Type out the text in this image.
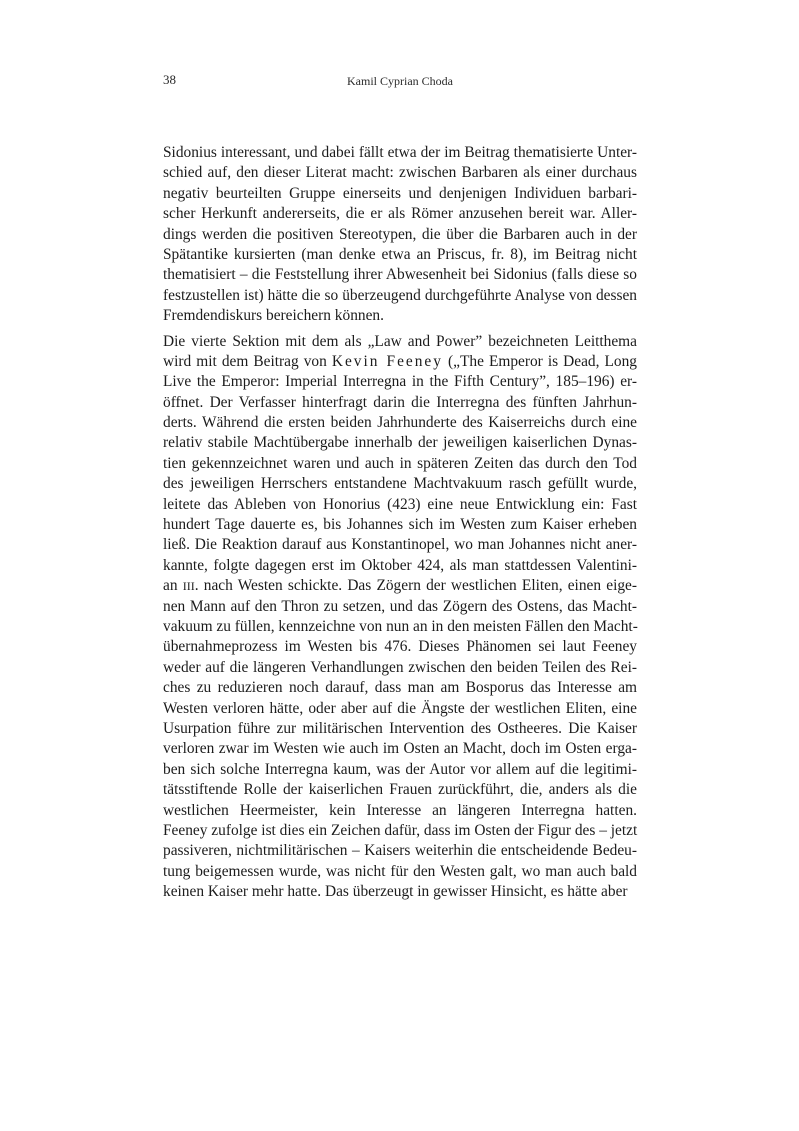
38	Kamil Cyprian Choda
Sidonius interessant, und dabei fällt etwa der im Beitrag thematisierte Unter-
schied auf, den dieser Literat macht: zwischen Barbaren als einer durchaus
negativ beurteilten Gruppe einerseits und denjenigen Individuen barbari-
scher Herkunft andererseits, die er als Römer anzusehen bereit war. Aller-
dings werden die positiven Stereotypen, die über die Barbaren auch in der
Spätantike kursierten (man denke etwa an Priscus, fr. 8), im Beitrag nicht
thematisiert – die Feststellung ihrer Abwesenheit bei Sidonius (falls diese so
festzustellen ist) hätte die so überzeugend durchgeführte Analyse von dessen
Fremdendiskurs bereichern können.
Die vierte Sektion mit dem als „Law and Power” bezeichneten Leitthema
wird mit dem Beitrag von Kevin Feeney („The Emperor is Dead, Long
Live the Emperor: Imperial Interregna in the Fifth Century”, 185–196) er-
öffnet. Der Verfasser hinterfragt darin die Interregna des fünften Jahrhun-
derts. Während die ersten beiden Jahrhunderte des Kaiserreichs durch eine
relativ stabile Machtübergabe innerhalb der jeweiligen kaiserlichen Dynas-
tien gekennzeichnet waren und auch in späteren Zeiten das durch den Tod
des jeweiligen Herrschers entstandene Machtvakuum rasch gefüllt wurde,
leitete das Ableben von Honorius (423) eine neue Entwicklung ein: Fast
hundert Tage dauerte es, bis Johannes sich im Westen zum Kaiser erheben
ließ. Die Reaktion darauf aus Konstantinopel, wo man Johannes nicht aner-
kannte, folgte dagegen erst im Oktober 424, als man stattdessen Valentini-
an III. nach Westen schickte. Das Zögern der westlichen Eliten, einen eige-
nen Mann auf den Thron zu setzen, und das Zögern des Ostens, das Macht-
vakuum zu füllen, kennzeichne von nun an in den meisten Fällen den Macht-
übernahmeprozess im Westen bis 476. Dieses Phänomen sei laut Feeney
weder auf die längeren Verhandlungen zwischen den beiden Teilen des Rei-
ches zu reduzieren noch darauf, dass man am Bosporus das Interesse am
Westen verloren hätte, oder aber auf die Ängste der westlichen Eliten, eine
Usurpation führe zur militärischen Intervention des Ostheeres. Die Kaiser
verloren zwar im Westen wie auch im Osten an Macht, doch im Osten erga-
ben sich solche Interregna kaum, was der Autor vor allem auf die legitimi-
tätsstiftende Rolle der kaiserlichen Frauen zurückführt, die, anders als die
westlichen Heermeister, kein Interesse an längeren Interregna hatten.
Feeney zufolge ist dies ein Zeichen dafür, dass im Osten der Figur des – jetzt
passiveren, nichtmilitärischen – Kaisers weiterhin die entscheidende Bedeu-
tung beigemessen wurde, was nicht für den Westen galt, wo man auch bald
keinen Kaiser mehr hatte. Das überzeugt in gewisser Hinsicht, es hätte aber
